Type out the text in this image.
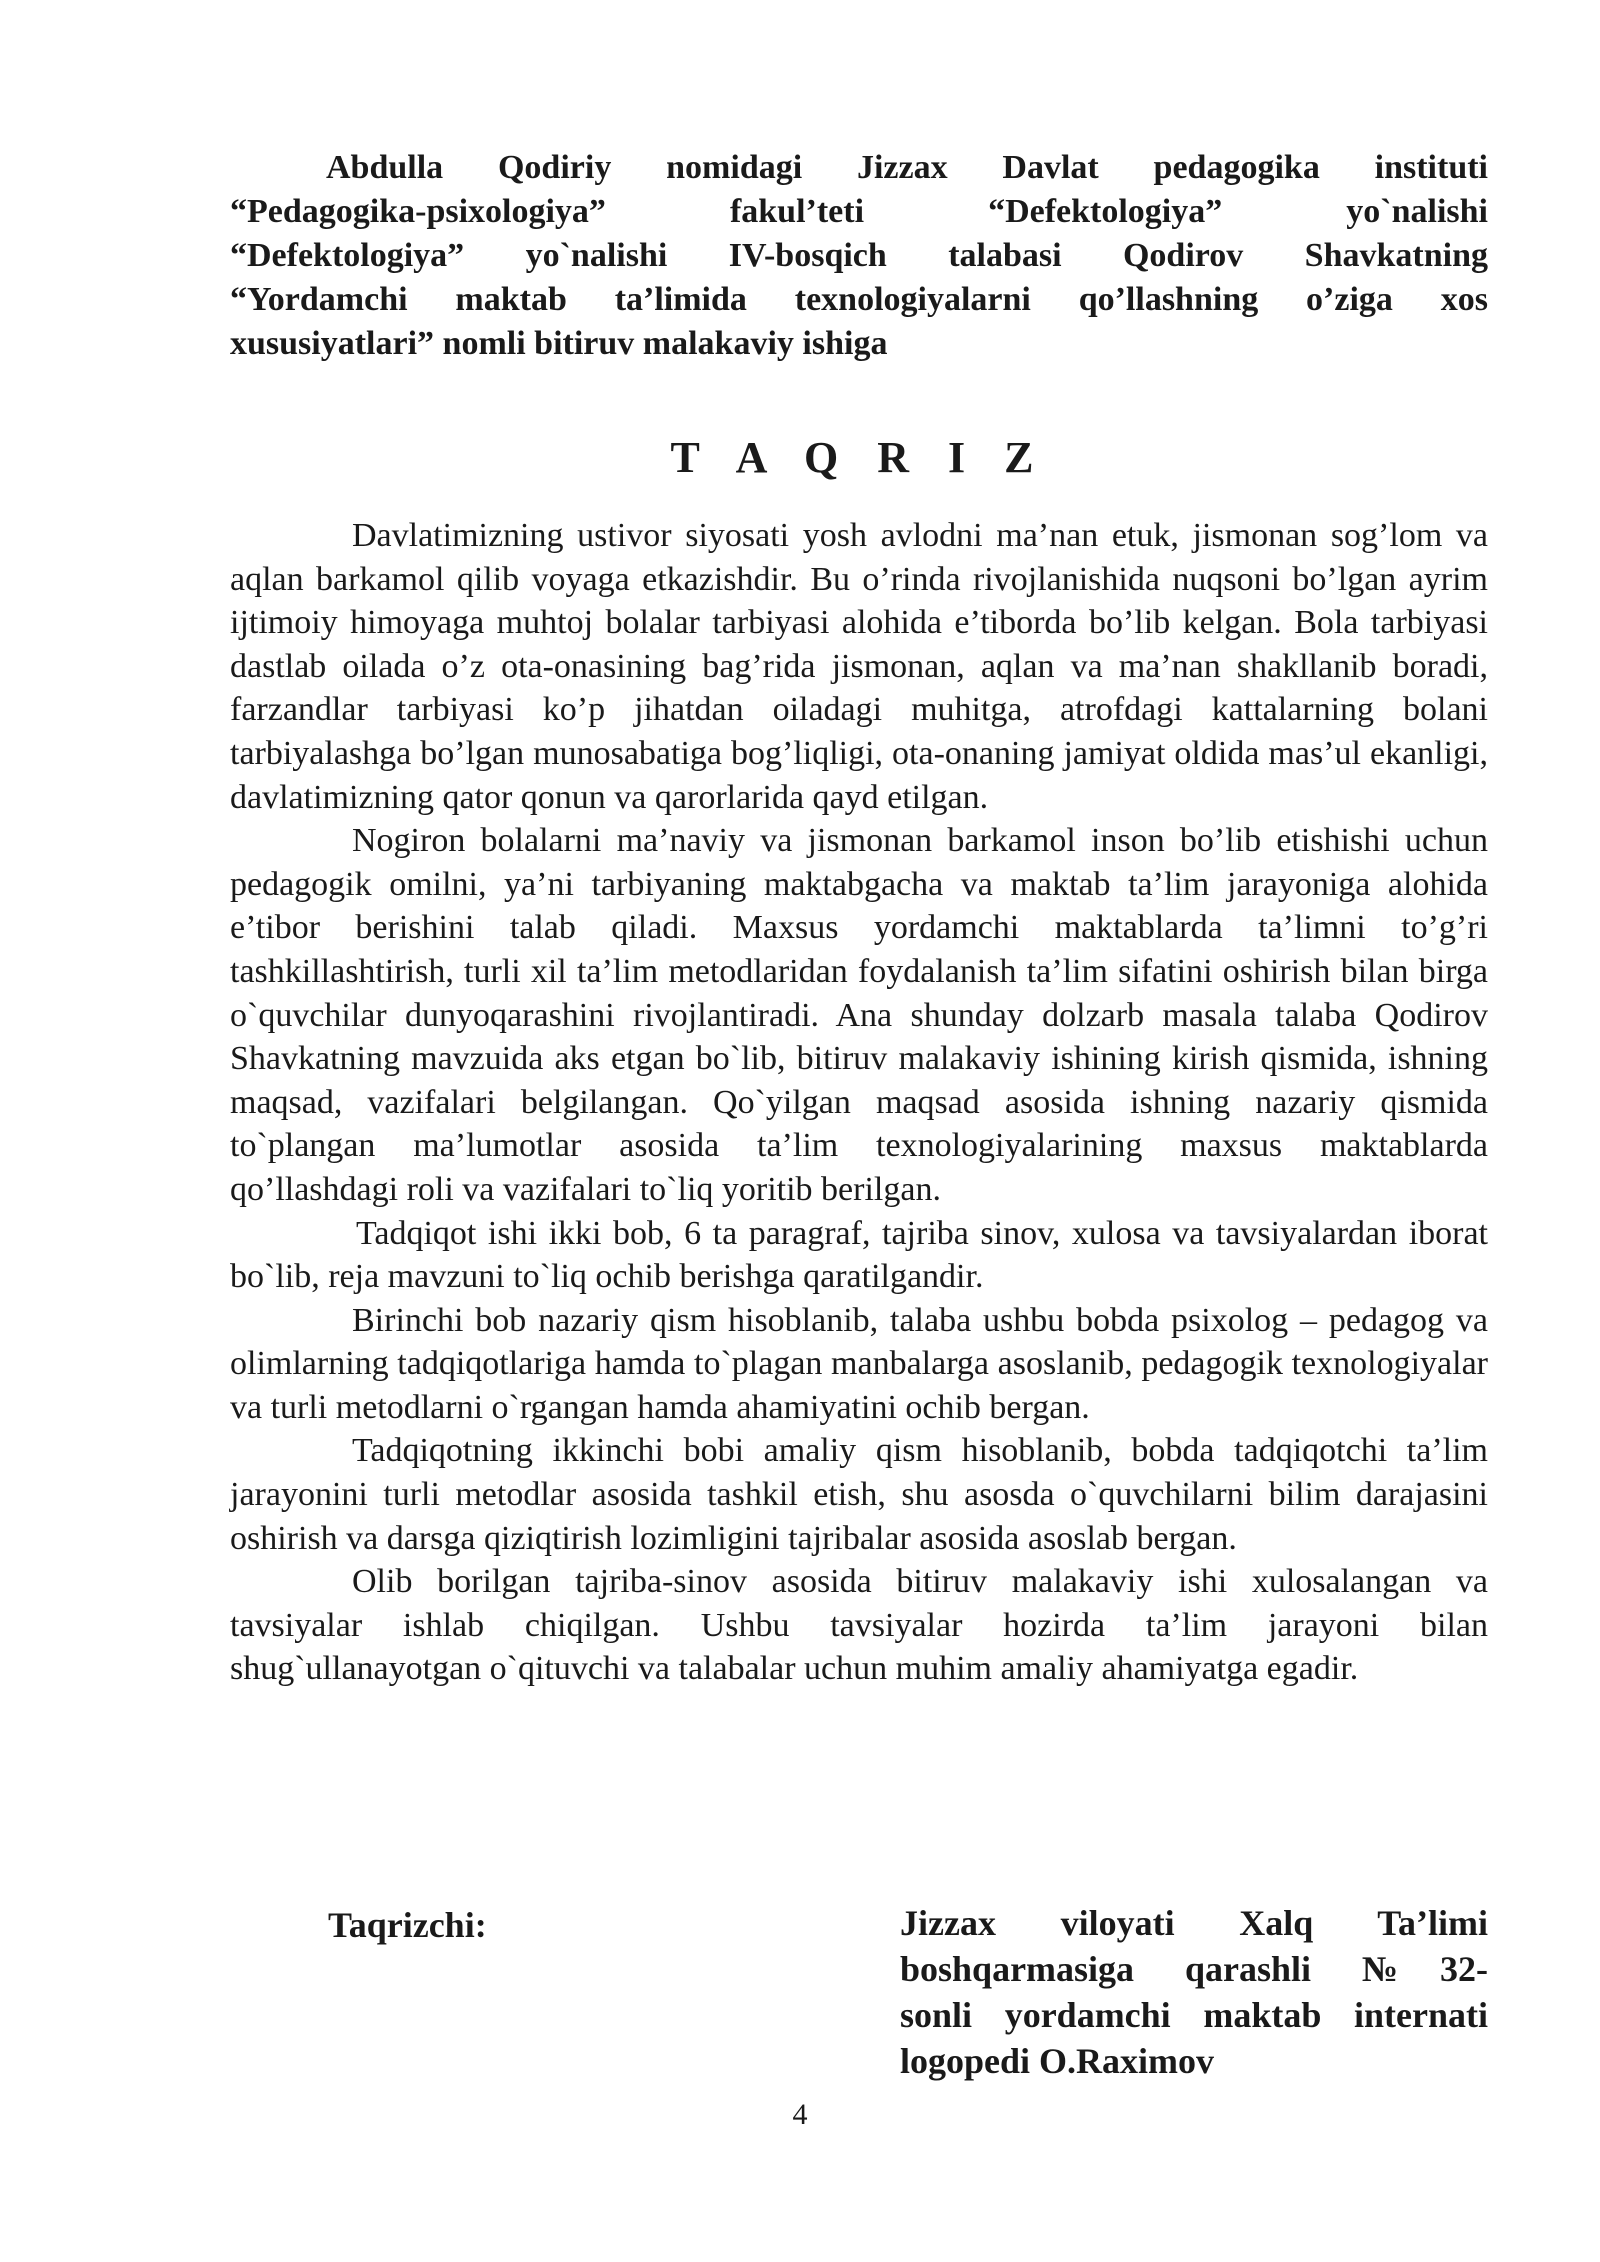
Abdulla Qodiriy nomidagi Jizzax Davlat pedagogika instituti
“Pedagogika-psixologiya” fakul’teti “Defektologiya” yo`nalishi
“Defektologiya” yo`nalishi IV-bosqich talabasi Qodirov Shavkatning
“Yordamchi maktab ta’limida texnologiyalarni qo’llashning o’ziga xos
xususiyatlari” nomli bitiruv malakaviy ishiga
T A Q R I Z

Davlatimizning ustivor siyosati yosh avlodni ma’nan etuk, jismonan sog’lom va aqlan barkamol qilib voyaga etkazishdir. Bu o’rinda rivojlanishida nuqsoni bo’lgan ayrim ijtimoiy himoyaga muhtoj bolalar tarbiyasi alohida e’tiborda bo’lib kelgan. Bola tarbiyasi dastlab oilada o’z ota-onasining bag’rida jismonan, aqlan va ma’nan shakllanib boradi, farzandlar tarbiyasi ko’p jihatdan oiladagi muhitga, atrofdagi kattalarning bolani tarbiyalashga bo’lgan munosabatiga bog’liqligi, ota-onaning jamiyat oldida mas’ul ekanligi, davlatimizning qator qonun va qarorlarida qayd etilgan.

Nogiron bolalarni ma’naviy va jismonan barkamol inson bo’lib etishishi uchun pedagogik omilni, ya’ni tarbiyaning maktabgacha va maktab ta’lim jarayoniga alohida e’tibor berishini talab qiladi. Maxsus yordamchi maktablarda ta’limni to’g’ri tashkillashtirish, turli xil ta’lim metodlaridan foydalanish ta’lim sifatini oshirish bilan birga o`quvchilar dunyoqarashini rivojlantiradi. Ana shunday dolzarb masala talaba Qodirov Shavkatning mavzuida aks etgan bo`lib, bitiruv malakaviy ishining kirish qismida, ishning maqsad, vazifalari belgilangan. Qo`yilgan maqsad asosida ishning nazariy qismida to`plangan ma’lumotlar asosida ta’lim texnologiyalarining maxsus maktablarda qo’llashdagi roli va vazifalari to`liq yoritib berilgan.

Tadqiqot ishi ikki bob, 6 ta paragraf, tajriba sinov, xulosa va tavsiyalardan iborat bo`lib, reja mavzuni to`liq ochib berishga qaratilgandir.

Birinchi bob nazariy qism hisoblanib, talaba ushbu bobda psixolog – pedagog va olimlarning tadqiqotlariga hamda to`plagan manbalarga asoslanib, pedagogik texnologiyalar va turli metodlarni o`rgangan hamda ahamiyatini ochib bergan.

Tadqiqotning ikkinchi bobi amaliy qism hisoblanib, bobda tadqiqotchi ta’lim jarayonini turli metodlar asosida tashkil etish, shu asosda o`quvchilarni bilim darajasini oshirish va darsga qiziqtirish lozimligini tajribalar asosida asoslab bergan.

Olib borilgan tajriba-sinov asosida bitiruv malakaviy ishi xulosalangan va tavsiyalar ishlab chiqilgan. Ushbu tavsiyalar hozirda ta’lim jarayoni bilan shug`ullanayotgan o`qituvchi va talabalar uchun muhim amaliy ahamiyatga egadir.

Taqrizchi:	Jizzax viloyati Xalq Ta’limi
boshqarmasiga qarashli №32-
sonli yordamchi maktab internati
logopedi O.Raximov
4
